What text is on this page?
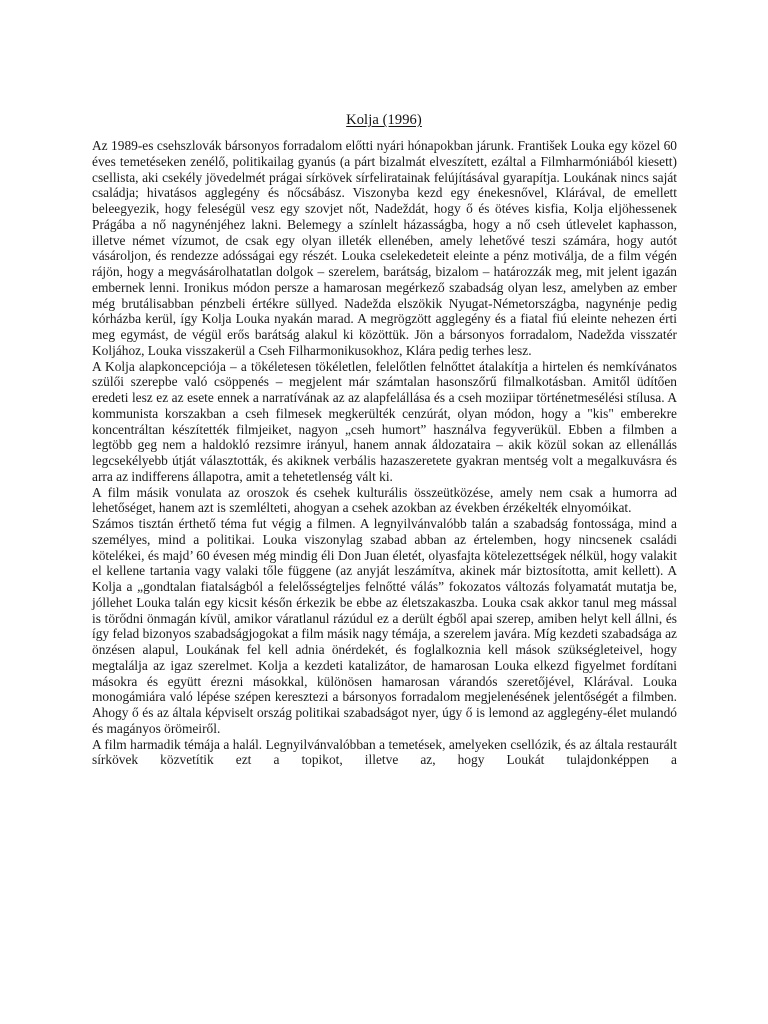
Kolja (1996)

Az 1989-es csehszlovák bársonyos forradalom előtti nyári hónapokban járunk. František Louka egy közel 60 éves temetéseken zenélő, politikailag gyanús (a párt bizalmát elveszített, ezáltal a Filmharmóniából kiesett) csellista, aki csekély jövedelmét prágai sírkövek sírfeliratainak felújításával gyarapítja. Loukának nincs saját családja; hivatásos agglegény és nőcsábász. Viszonyba kezd egy énekesnővel, Klárával, de emellett beleegyezik, hogy feleségül vesz egy szovjet nőt, Nadeždát, hogy ő és ötéves kisfia, Kolja eljöhessenek Prágába a nő nagynénjéhez lakni. Belemegy a színlelt házasságba, hogy a nő cseh útlevelet kaphasson, illetve német vízumot, de csak egy olyan illeték ellenében, amely lehetővé teszi számára, hogy autót vásároljon, és rendezze adósságai egy részét. Louka cselekedeteit eleinte a pénz motiválja, de a film végén rájön, hogy a megvásárolhatatlan dolgok – szerelem, barátság, bizalom – határozzák meg, mit jelent igazán embernek lenni. Ironikus módon persze a hamarosan megérkező szabadság olyan lesz, amelyben az ember még brutálisabban pénzbeli értékre süllyed. Nadežda elszökik Nyugat-Németországba, nagynénje pedig kórházba kerül, így Kolja Louka nyakán marad. A megrögzött agglegény és a fiatal fiú eleinte nehezen érti meg egymást, de végül erős barátság alakul ki közöttük. Jön a bársonyos forradalom, Nadežda visszatér Koljához, Louka visszakerül a Cseh Filharmonikusokhoz, Klára pedig terhes lesz.

A Kolja alapkoncepciója – a tökéletesen tökéletlen, felelőtlen felnőttet átalakítja a hirtelen és nemkívánatos szülői szerepbe való csöppenés – megjelent már számtalan hasonszőrű filmalkotásban. Amitől üdítően eredeti lesz ez az esete ennek a narratívának az az alapfelállása és a cseh moziipar történetmesélési stílusa. A kommunista korszakban a cseh filmesek megkerülték cenzúrát, olyan módon, hogy a "kis" emberekre koncentráltan készítették filmjeiket, nagyon „cseh humort” használva fegyverükül. Ebben a filmben a legtöbb geg nem a haldokló rezsimre irányul, hanem annak áldozataira – akik közül sokan az ellenállás legcsekélyebb útját választották, és akiknek verbális hazaszeretete gyakran mentség volt a megalkuvásra és arra az indifferens állapotra, amit a tehetetlenség vált ki.

A film másik vonulata az oroszok és csehek kulturális összeütközése, amely nem csak a humorra ad lehetőséget, hanem azt is szemlélteti, ahogyan a csehek azokban az években érzékelték elnyomóikat.

Számos tisztán érthető téma fut végig a filmen. A legnyilvánvalóbb talán a szabadság fontossága, mind a személyes, mind a politikai. Louka viszonylag szabad abban az értelemben, hogy nincsenek családi kötelékei, és majd’ 60 évesen még mindig éli Don Juan életét, olyasfajta kötelezettségek nélkül, hogy valakit el kellene tartania vagy valaki tőle függene (az anyját leszámítva, akinek már biztosította, amit kellett). A Kolja a „gondtalan fiatalságból a felelősségteljes felnőtté válás” fokozatos változás folyamatát mutatja be, jóllehet Louka talán egy kicsit későn érkezik be ebbe az életszakaszba. Louka csak akkor tanul meg mással is törődni önmagán kívül, amikor váratlanul rázúdul ez a derült égből apai szerep, amiben helyt kell állni, és így felad bizonyos szabadságjogokat a film másik nagy témája, a szerelem javára. Míg kezdeti szabadsága az önzésen alapul, Loukának fel kell adnia önérdekét, és foglalkoznia kell mások szükségleteivel, hogy megtalálja az igaz szerelmet. Kolja a kezdeti katalizátor, de hamarosan Louka elkezd figyelmet fordítani másokra és együtt érezni másokkal, különösen hamarosan várandós szeretőjével, Klárával. Louka monogámiára való lépése szépen keresztezi a bársonyos forradalom megjelenésének jelentőségét a filmben. Ahogy ő és az általa képviselt ország politikai szabadságot nyer, úgy ő is lemond az agglegény-élet mulandó és magányos örömeiről.

A film harmadik témája a halál. Legnyilvánvalóbban a temetések, amelyeken csellózik, és az általa restaurált sírkövek közvetítik ezt a topikot, illetve az, hogy Loukát tulajdonképpen a
